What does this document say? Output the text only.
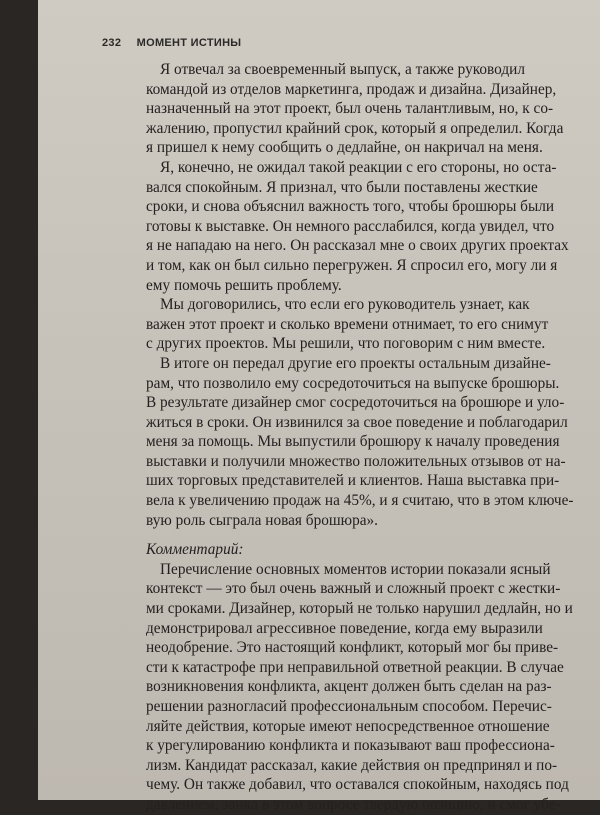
232 МОМЕНТ ИСТИНЫ
Я отвечал за своевременный выпуск, а также руководил
командой из отделов маркетинга, продаж и дизайна. Дизайнер,
назначенный на этот проект, был очень талантливым, но, к со-
жалению, пропустил крайний срок, который я определил. Когда
я пришел к нему сообщить о дедлайне, он накричал на меня.
Я, конечно, не ожидал такой реакции с его стороны, но оста-
вался спокойным. Я признал, что были поставлены жесткие
сроки, и снова объяснил важность того, чтобы брошюры были
готовы к выставке. Он немного расслабился, когда увидел, что
я не нападаю на него. Он рассказал мне о своих других проектах
и том, как он был сильно перегружен. Я спросил его, могу ли я
ему помочь решить проблему.
Мы договорились, что если его руководитель узнает, как
важен этот проект и сколько времени отнимает, то его снимут
с других проектов. Мы решили, что поговорим с ним вместе.
В итоге он передал другие его проекты остальным дизайне-
рам, что позволило ему сосредоточиться на выпуске брошюры.
В результате дизайнер смог сосредоточиться на брошюре и уло-
житься в сроки. Он извинился за свое поведение и поблагодарил
меня за помощь. Мы выпустили брошюру к началу проведения
выставки и получили множество положительных отзывов от на-
ших торговых представителей и клиентов. Наша выставка при-
вела к увеличению продаж на 45%, и я считаю, что в этом ключе-
вую роль сыграла новая брошюра».
Комментарий:
Перечисление основных моментов истории показали ясный
контекст — это был очень важный и сложный проект с жестки-
ми сроками. Дизайнер, который не только нарушил дедлайн, но и
демонстрировал агрессивное поведение, когда ему выразили
неодобрение. Это настоящий конфликт, который мог бы приве-
сти к катастрофе при неправильной ответной реакции. В случае
возникновения конфликта, акцент должен быть сделан на раз-
решении разногласий профессиональным способом. Перечис-
ляйте действия, которые имеют непосредственное отношение
к урегулированию конфликта и показывают ваш профессиона-
лизм. Кандидат рассказал, какие действия он предпринял и по-
чему. Он также добавил, что оставался спокойным, находясь под
давлением, занял в этом вопросе твердую позицию, и смог убе-
